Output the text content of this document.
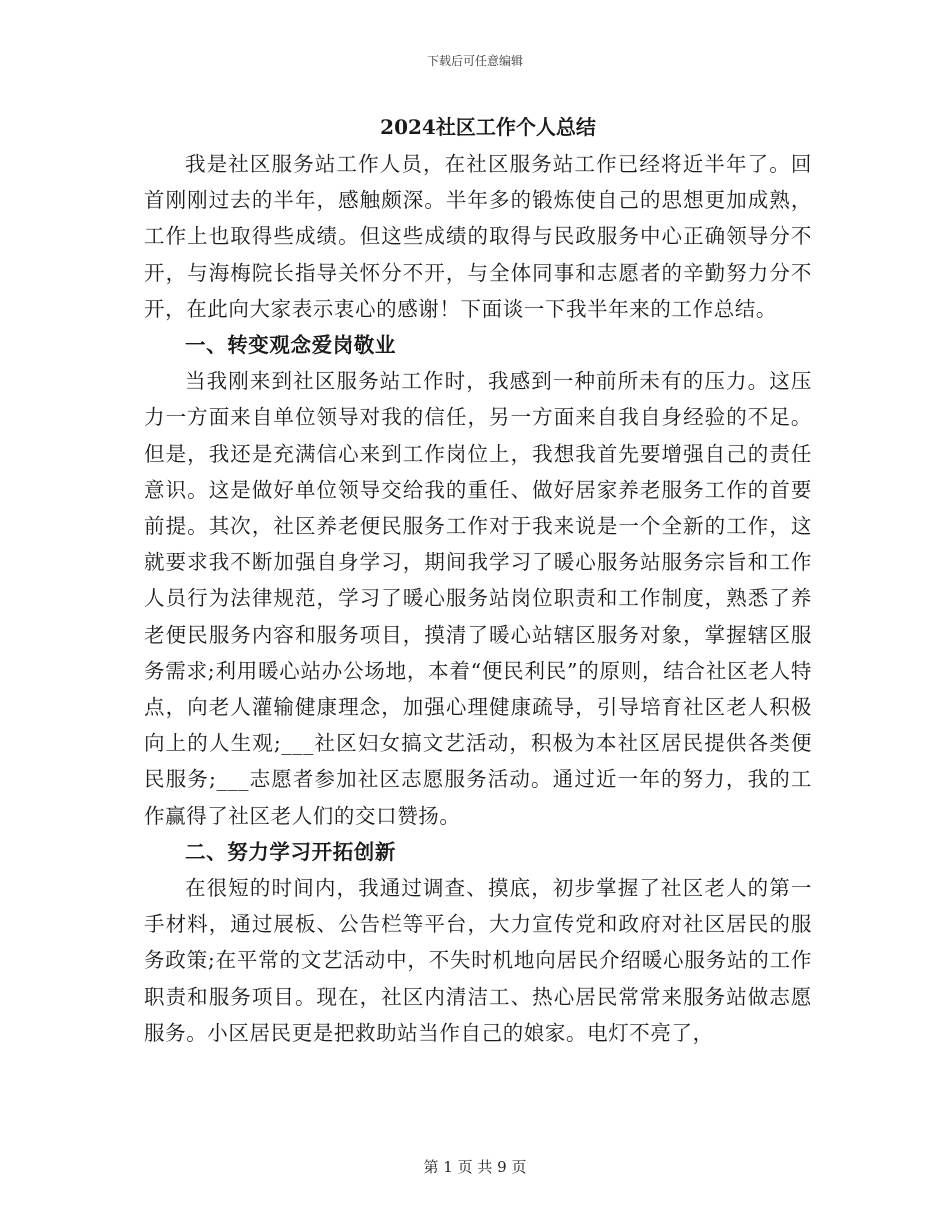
下载后可任意编辑
2024社区工作个人总结

我是社区服务站工作人员，在社区服务站工作已经将近半年了。回首刚刚过去的半年，感触颇深。半年多的锻炼使自己的思想更加成熟，工作上也取得些成绩。但这些成绩的取得与民政服务中心正确领导分不开，与海梅院长指导关怀分不开，与全体同事和志愿者的辛勤努力分不开，在此向大家表示衷心的感谢！下面谈一下我半年来的工作总结。

一、转变观念爱岗敬业

当我刚来到社区服务站工作时，我感到一种前所未有的压力。这压力一方面来自单位领导对我的信任，另一方面来自我自身经验的不足。但是，我还是充满信心来到工作岗位上，我想我首先要增强自己的责任意识。这是做好单位领导交给我的重任、做好居家养老服务工作的首要前提。其次，社区养老便民服务工作对于我来说是一个全新的工作，这就要求我不断加强自身学习，期间我学习了暖心服务站服务宗旨和工作人员行为法律规范，学习了暖心服务站岗位职责和工作制度，熟悉了养老便民服务内容和服务项目，摸清了暖心站辖区服务对象，掌握辖区服务需求;利用暖心站办公场地，本着“便民利民”的原则，结合社区老人特点，向老人灌输健康理念，加强心理健康疏导，引导培育社区老人积极向上的人生观;___社区妇女搞文艺活动，积极为本社区居民提供各类便民服务;___志愿者参加社区志愿服务活动。通过近一年的努力，我的工作赢得了社区老人们的交口赞扬。

二、努力学习开拓创新

在很短的时间内，我通过调查、摸底，初步掌握了社区老人的第一手材料，通过展板、公告栏等平台，大力宣传党和政府对社区居民的服务政策;在平常的文艺活动中，不失时机地向居民介绍暖心服务站的工作职责和服务项目。现在，社区内清洁工、热心居民常常来服务站做志愿服务。小区居民更是把救助站当作自己的娘家。电灯不亮了，

第 1 页 共 9 页
